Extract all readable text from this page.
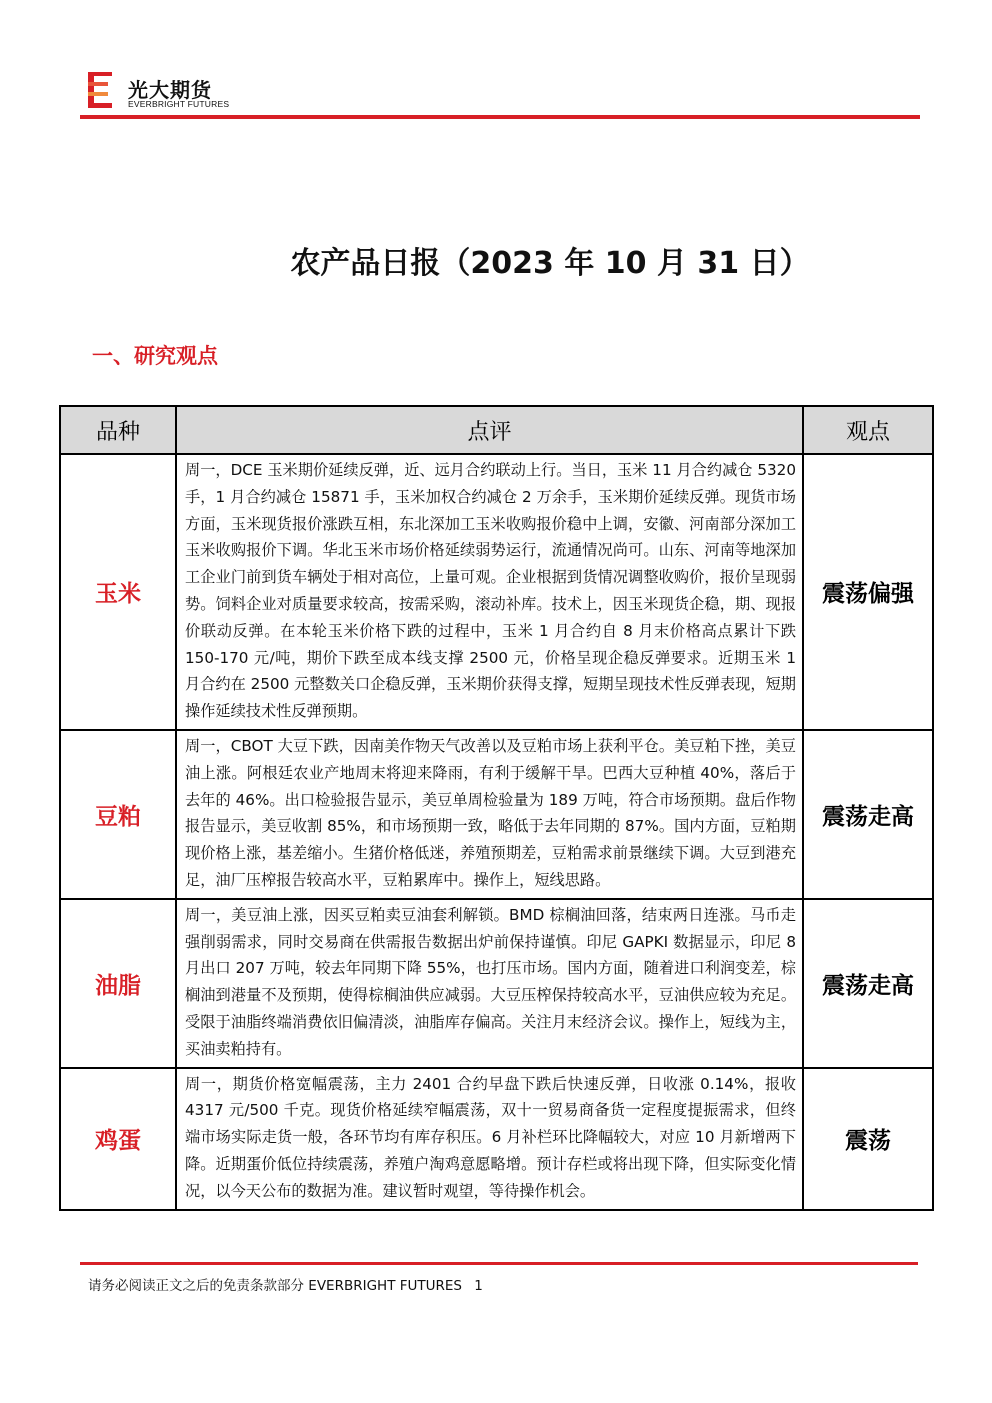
光大期货
EVERBRIGHT FUTURES
农产品日报（2023 年 10 月 31 日）
一、研究观点
品种	点评	观点
玉米	周一，DCE 玉米期价延续反弹，近、远月合约联动上行。当日，玉米 11 月合约减仓 5320 手，1 月合约减仓 15871 手，玉米加权合约减仓 2 万余手，玉米期价延续反弹。现货市场方面，玉米现货报价涨跌互相，东北深加工玉米收购报价稳中上调，安徽、河南部分深加工玉米收购报价下调。华北玉米市场价格延续弱势运行，流通情况尚可。山东、河南等地深加工企业门前到货车辆处于相对高位，上量可观。企业根据到货情况调整收购价，报价呈现弱势。饲料企业对质量要求较高，按需采购，滚动补库。技术上，因玉米现货企稳，期、现报价联动反弹。在本轮玉米价格下跌的过程中，玉米 1 月合约自 8 月末价格高点累计下跌 150-170 元/吨，期价下跌至成本线支撑 2500 元，价格呈现企稳反弹要求。近期玉米 1 月合约在 2500 元整数关口企稳反弹，玉米期价获得支撑，短期呈现技术性反弹表现，短期操作延续技术性反弹预期。	震荡偏强
豆粕	周一，CBOT 大豆下跌，因南美作物天气改善以及豆粕市场上获利平仓。美豆粕下挫，美豆油上涨。阿根廷农业产地周末将迎来降雨，有利于缓解干旱。巴西大豆种植 40%，落后于去年的 46%。出口检验报告显示，美豆单周检验量为 189 万吨，符合市场预期。盘后作物报告显示，美豆收割 85%，和市场预期一致，略低于去年同期的 87%。国内方面，豆粕期现价格上涨，基差缩小。生猪价格低迷，养殖预期差，豆粕需求前景继续下调。大豆到港充足，油厂压榨报告较高水平，豆粕累库中。操作上，短线思路。	震荡走高
油脂	周一，美豆油上涨，因买豆粕卖豆油套利解锁。BMD 棕榈油回落，结束两日连涨。马币走强削弱需求，同时交易商在供需报告数据出炉前保持谨慎。印尼 GAPKI 数据显示，印尼 8 月出口 207 万吨，较去年同期下降 55%，也打压市场。国内方面，随着进口利润变差，棕榈油到港量不及预期，使得棕榈油供应减弱。大豆压榨保持较高水平，豆油供应较为充足。受限于油脂终端消费依旧偏清淡，油脂库存偏高。关注月末经济会议。操作上，短线为主，买油卖粕持有。	震荡走高
鸡蛋	周一，期货价格宽幅震荡，主力 2401 合约早盘下跌后快速反弹，日收涨 0.14%，报收 4317 元/500 千克。现货价格延续窄幅震荡，双十一贸易商备货一定程度提振需求，但终端市场实际走货一般，各环节均有库存积压。6 月补栏环比降幅较大，对应 10 月新增两下降。近期蛋价低位持续震荡，养殖户淘鸡意愿略增。预计存栏或将出现下降，但实际变化情况，以今天公布的数据为准。建议暂时观望，等待操作机会。	震荡
请务必阅读正文之后的免责条款部分 EVERBRIGHT FUTURES 1
